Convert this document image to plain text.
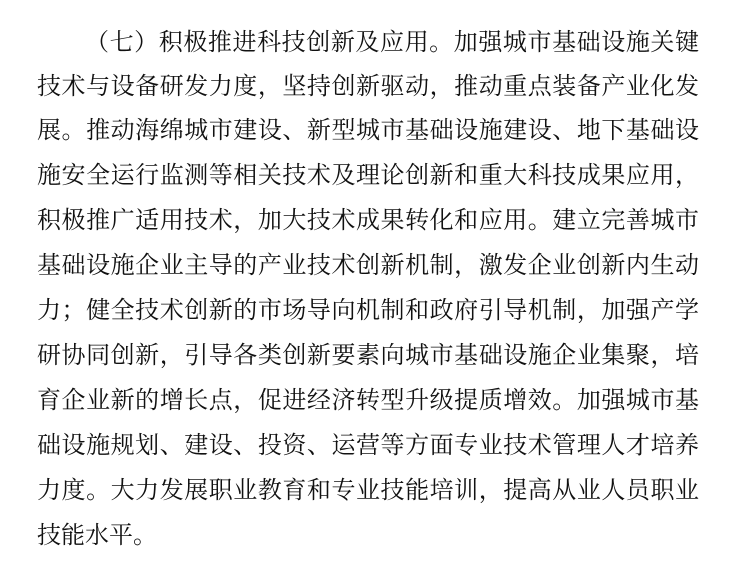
（七）积极推进科技创新及应用。加强城市基础设施关键
技术与设备研发力度，坚持创新驱动，推动重点装备产业化发
展。推动海绵城市建设、新型城市基础设施建设、地下基础设
施安全运行监测等相关技术及理论创新和重大科技成果应用，
积极推广适用技术，加大技术成果转化和应用。建立完善城市
基础设施企业主导的产业技术创新机制，激发企业创新内生动
力；健全技术创新的市场导向机制和政府引导机制，加强产学
研协同创新，引导各类创新要素向城市基础设施企业集聚，培
育企业新的增长点，促进经济转型升级提质增效。加强城市基
础设施规划、建设、投资、运营等方面专业技术管理人才培养
力度。大力发展职业教育和专业技能培训，提高从业人员职业
技能水平。
